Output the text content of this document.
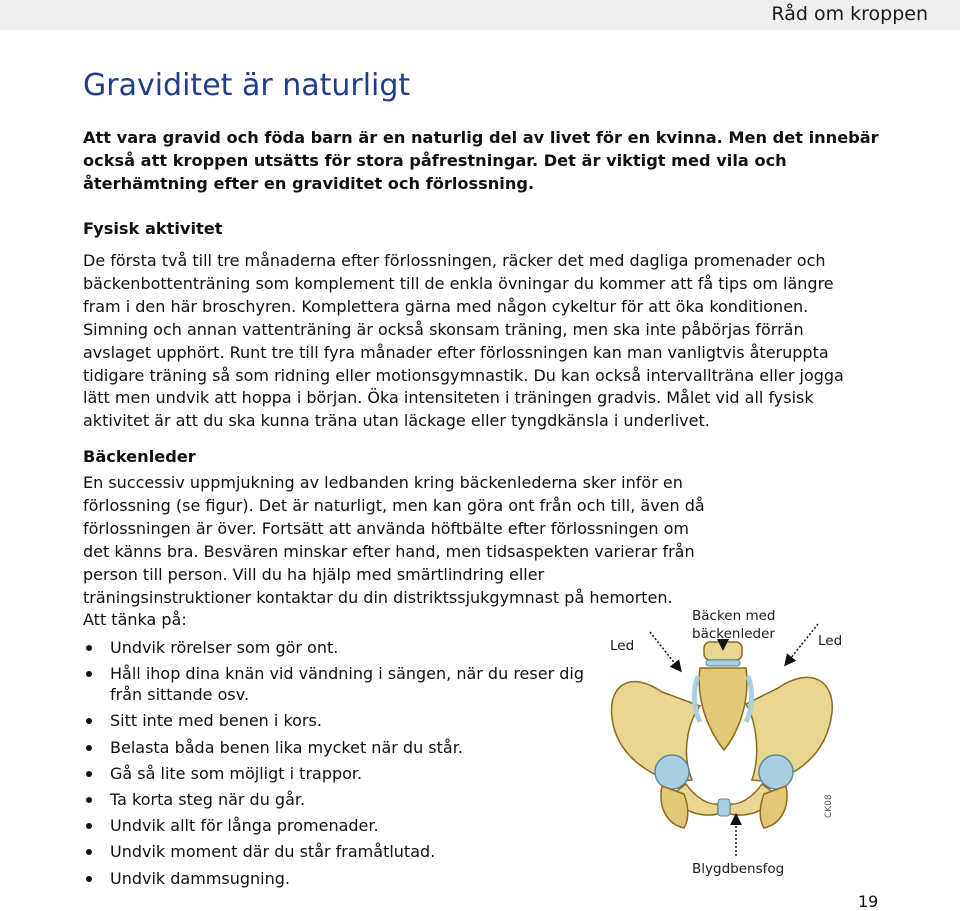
Råd om kroppen
Graviditet är naturligt

Att vara gravid och föda barn är en naturlig del av livet för en kvinna. Men det innebär också att kroppen utsätts för stora påfrestningar. Det är viktigt med vila och återhämtning efter en graviditet och förlossning.

Fysisk aktivitet

De första två till tre månaderna efter förlossningen, räcker det med dagliga promenader och bäckenbottenträning som komplement till de enkla övningar du kommer att få tips om längre fram i den här broschyren. Komplettera gärna med någon cykeltur för att öka konditionen. Simning och annan vattenträning är också skonsam träning, men ska inte påbörjas förrän avslaget upphört. Runt tre till fyra månader efter förlossningen kan man vanligtvis återuppta tidigare träning så som ridning eller motionsgymnastik. Du kan också intervallträna eller jogga lätt men undvik att hoppa i början. Öka intensiteten i träningen gradvis. Målet vid all fysisk aktivitet är att du ska kunna träna utan läckage eller tyngdkänsla i underlivet.

Bäckenleder

En successiv uppmjukning av ledbanden kring bäckenlederna sker inför en förlossning (se figur). Det är naturligt, men kan göra ont från och till, även då förlossningen är över. Fortsätt att använda höftbälte efter förlossningen om det känns bra. Besvären minskar efter hand, men tidsaspekten varierar från person till person. Vill du ha hjälp med smärtlindring eller träningsinstruktioner kontaktar du din distriktssjukgymnast på hemorten.

Att tänka på:

Undvik rörelser som gör ont.
Håll ihop dina knän vid vändning i sängen, när du reser dig från sittande osv.
Sitt inte med benen i kors.
Belasta båda benen lika mycket när du står.
Gå så lite som möjligt i trappor.
Ta korta steg när du går.
Undvik allt för långa promenader.
Undvik moment där du står framåtlutad.
Undvik dammsugning.
Led
Bäcken med
bäckenleder	Led
Blygdbensfog
CK08
19
